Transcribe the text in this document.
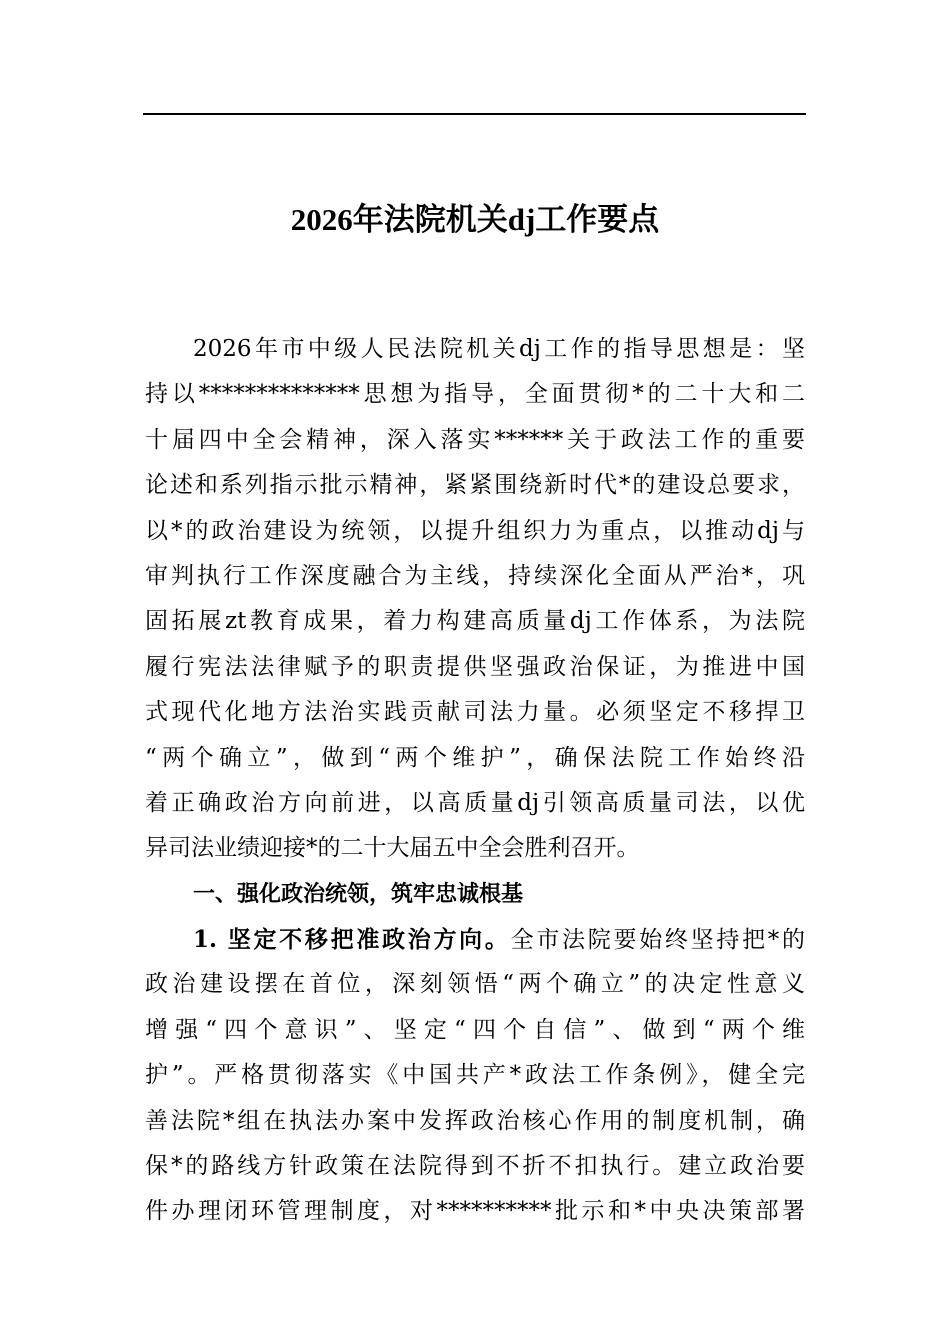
2026年法院机关dj工作要点
2026年市中级人民法院机关dj工作的指导思想是：坚
持以**************思想为指导，全面贯彻*的二十大和二
十届四中全会精神，深入落实******关于政法工作的重要
论述和系列指示批示精神，紧紧围绕新时代*的建设总要求，
以*的政治建设为统领，以提升组织力为重点，以推动dj与
审判执行工作深度融合为主线，持续深化全面从严治*，巩
固拓展zt教育成果，着力构建高质量dj工作体系，为法院
履行宪法法律赋予的职责提供坚强政治保证，为推进中国
式现代化地方法治实践贡献司法力量。必须坚定不移捍卫
“两个确立”，做到“两个维护”，确保法院工作始终沿
着正确政治方向前进，以高质量dj引领高质量司法，以优
异司法业绩迎接*的二十大届五中全会胜利召开。
一、强化政治统领，筑牢忠诚根基
1. 坚定不移把准政治方向。全市法院要始终坚持把*的
政治建设摆在首位，深刻领悟“两个确立”的决定性意义
增强“四个意识”、坚定“四个自信”、做到“两个维
护”。严格贯彻落实《中国共产*政法工作条例》，健全完
善法院*组在执法办案中发挥政治核心作用的制度机制，确
保*的路线方针政策在法院得到不折不扣执行。建立政治要
件办理闭环管理制度，对**********批示和*中央决策部署
